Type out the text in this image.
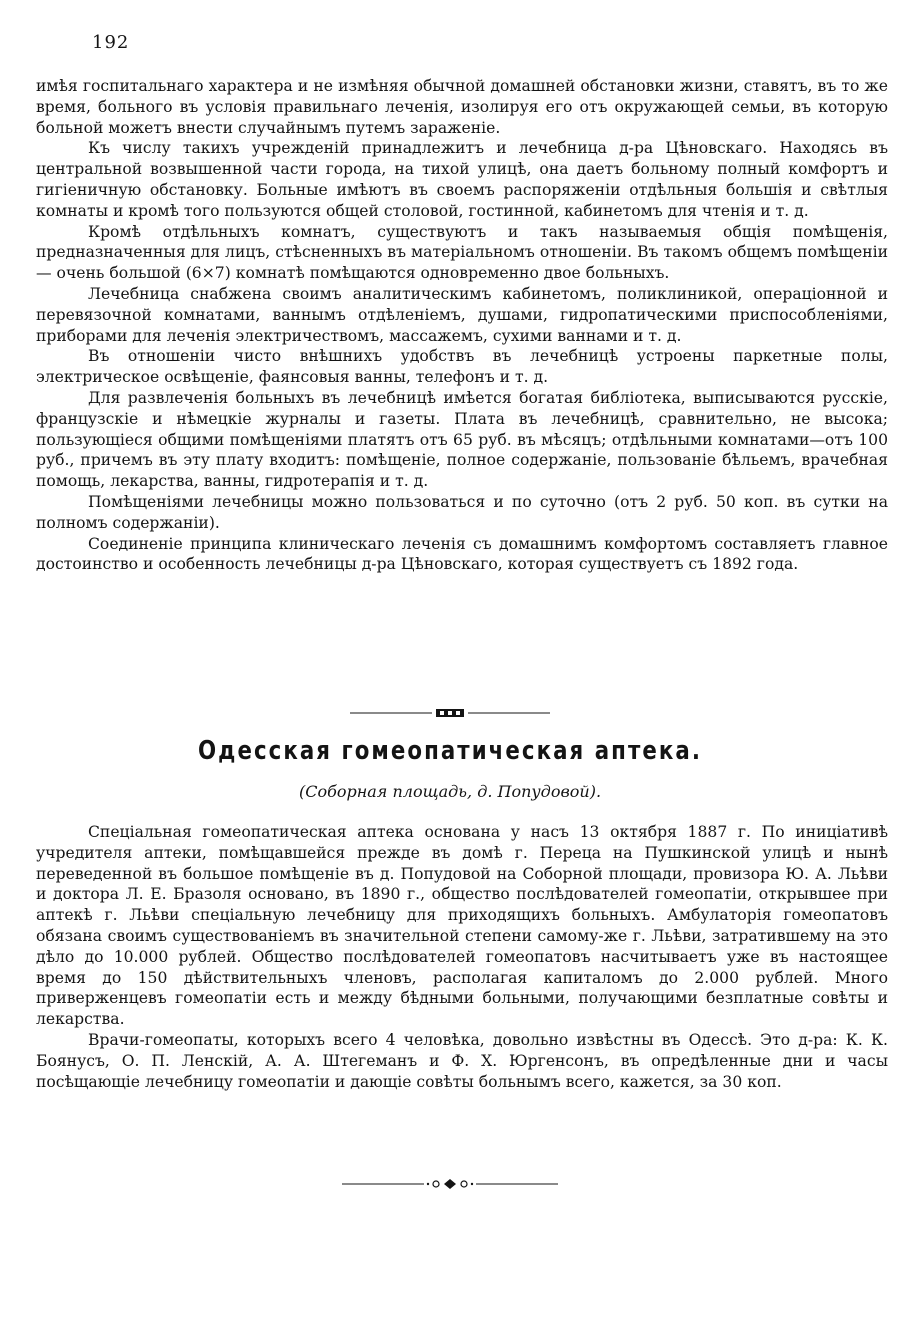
192

имѣя госпитальнаго характера и не измѣняя обычной домашней обстановки жизни, ставятъ, въ то же время, больного въ условія правильнаго леченія, изолируя его отъ окружающей семьи, въ которую больной можетъ внести случайнымъ путемъ зараженіе.

Къ числу такихъ учрежденій принадлежитъ и лечебница д-ра Цѣновскаго. Находясь въ центральной возвышенной части города, на тихой улицѣ, она даетъ больному полный комфортъ и гигіеничную обстановку. Больные имѣютъ въ своемъ распоряженіи отдѣльныя большія и свѣтлыя комнаты и кромѣ того пользуются общей столовой, гостинной, кабинетомъ для чтенія и т. д.

Кромѣ отдѣльныхъ комнатъ, существуютъ и такъ называемыя общія помѣщенія, предназначенныя для лицъ, стѣсненныхъ въ матеріальномъ отношеніи. Въ такомъ общемъ помѣщеніи — очень большой (6×7) комнатѣ помѣщаются одновременно двое больныхъ.

Лечебница снабжена своимъ аналитическимъ кабинетомъ, поликлиникой, операціонной и перевязочной комнатами, ваннымъ отдѣленіемъ, душами, гидропатическими приспособленіями, приборами для леченія электричествомъ, массажемъ, сухими ваннами и т. д.

Въ отношеніи чисто внѣшнихъ удобствъ въ лечебницѣ устроены паркетные полы, электрическое освѣщеніе, фаянсовыя ванны, телефонъ и т. д.

Для развлеченія больныхъ въ лечебницѣ имѣется богатая библіотека, выписываются русскіе, французскіе и нѣмецкіе журналы и газеты. Плата въ лечебницѣ, сравнительно, не высока; пользующіеся общими помѣщеніями платятъ отъ 65 руб. въ мѣсяцъ; отдѣльными комнатами—отъ 100 руб., причемъ въ эту плату входитъ: помѣщеніе, полное содержаніе, пользованіе бѣльемъ, врачебная помощь, лекарства, ванны, гидротерапія и т. д.

Помѣщеніями лечебницы можно пользоваться и по суточно (отъ 2 руб. 50 коп. въ сутки на полномъ содержаніи).

Соединеніе принципа клиническаго леченія съ домашнимъ комфортомъ составляетъ главное достоинство и особенность лечебницы д-ра Цѣновскаго, которая существуетъ съ 1892 года.

Одесская гомеопатическая аптека.
(Соборная площадь, д. Попудовой).

Спеціальная гомеопатическая аптека основана у насъ 13 октября 1887 г. По иниціативѣ учредителя аптеки, помѣщавшейся прежде въ домѣ г. Переца на Пушкинской улицѣ и нынѣ переведенной въ большое помѣщеніе въ д. Попудовой на Соборной площади, провизора Ю. А. Льѣви и доктора Л. Е. Бразоля основано, въ 1890 г., общество послѣдователей гомеопатіи, открывшее при аптекѣ г. Льѣви спеціальную лечебницу для приходящихъ больныхъ. Амбулаторія гомеопатовъ обязана своимъ существованіемъ въ значительной степени самому-же г. Льѣви, затратившему на это дѣло до 10.000 рублей. Общество послѣдователей гомеопатовъ насчитываетъ уже въ настоящее время до 150 дѣйствительныхъ членовъ, располагая капиталомъ до 2.000 рублей. Много приверженцевъ гомеопатіи есть и между бѣдными больными, получающими безплатные совѣты и лекарства.

Врачи-гомеопаты, которыхъ всего 4 человѣка, довольно извѣстны въ Одессѣ. Это д-ра: К. К. Боянусъ, О. П. Ленскій, А. А. Штегеманъ и Ф. Х. Юргенсонъ, въ опредѣленные дни и часы посѣщающіе лечебницу гомеопатіи и дающіе совѣты больнымъ всего, кажется, за 30 коп.
